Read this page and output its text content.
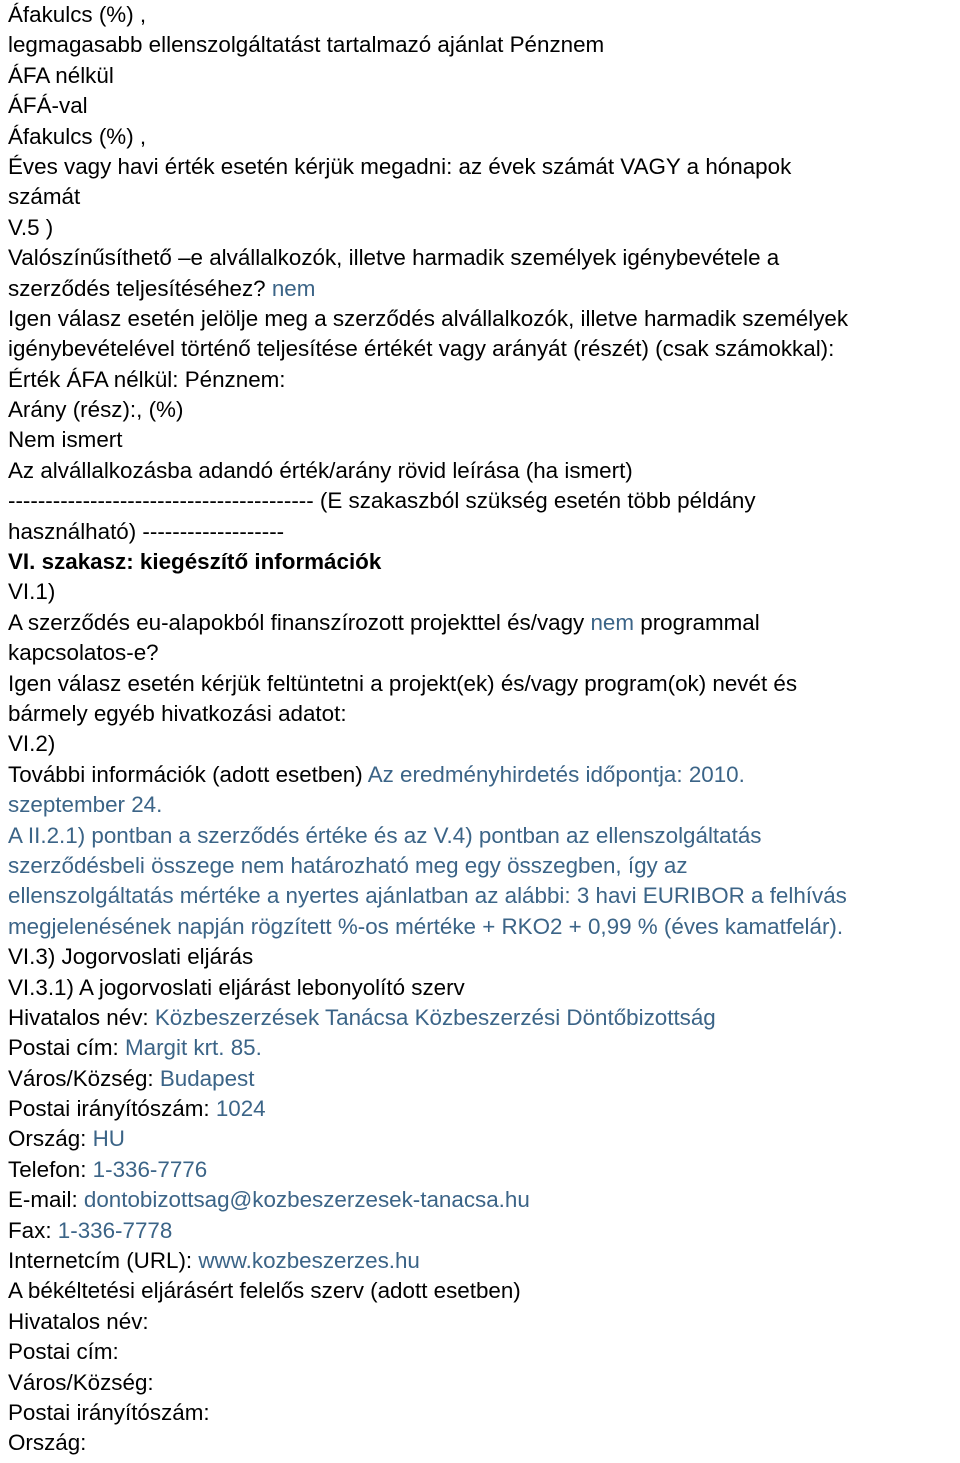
Áfakulcs (%) ,
legmagasabb ellenszolgáltatást tartalmazó ajánlat Pénznem
ÁFA nélkül
ÁFÁ-val
Áfakulcs (%) ,
Éves vagy havi érték esetén kérjük megadni: az évek számát VAGY a hónapok
számát
V.5 )
Valószínűsíthető –e alvállalkozók, illetve harmadik személyek igénybevétele a
szerződés teljesítéséhez? nem
Igen válasz esetén jelölje meg a szerződés alvállalkozók, illetve harmadik személyek
igénybevételével történő teljesítése értékét vagy arányát (részét) (csak számokkal):
Érték ÁFA nélkül: Pénznem:
Arány (rész):, (%)
Nem ismert
Az alvállalkozásba adandó érték/arány rövid leírása (ha ismert)
----------------------------------------- (E szakaszból szükség esetén több példány
használható) -------------------
VI. szakasz: kiegészítő információk
VI.1)
A szerződés eu-alapokból finanszírozott projekttel és/vagy nem programmal
kapcsolatos-e?
Igen válasz esetén kérjük feltüntetni a projekt(ek) és/vagy program(ok) nevét és
bármely egyéb hivatkozási adatot:
VI.2)
További információk (adott esetben) Az eredményhirdetés időpontja: 2010.
szeptember 24.
A II.2.1) pontban a szerződés értéke és az V.4) pontban az ellenszolgáltatás
szerződésbeli összege nem határozható meg egy összegben, így az
ellenszolgáltatás mértéke a nyertes ajánlatban az alábbi: 3 havi EURIBOR a felhívás
megjelenésének napján rögzített %-os mértéke + RKO2 + 0,99 % (éves kamatfelár).
VI.3) Jogorvoslati eljárás
VI.3.1) A jogorvoslati eljárást lebonyolító szerv
Hivatalos név: Közbeszerzések Tanácsa Közbeszerzési Döntőbizottság
Postai cím: Margit krt. 85.
Város/Község: Budapest
Postai irányítószám: 1024
Ország: HU
Telefon: 1-336-7776
E-mail: dontobizottsag@kozbeszerzesek-tanacsa.hu
Fax: 1-336-7778
Internetcím (URL): www.kozbeszerzes.hu
A békéltetési eljárásért felelős szerv (adott esetben)
Hivatalos név:
Postai cím:
Város/Község:
Postai irányítószám:
Ország:
